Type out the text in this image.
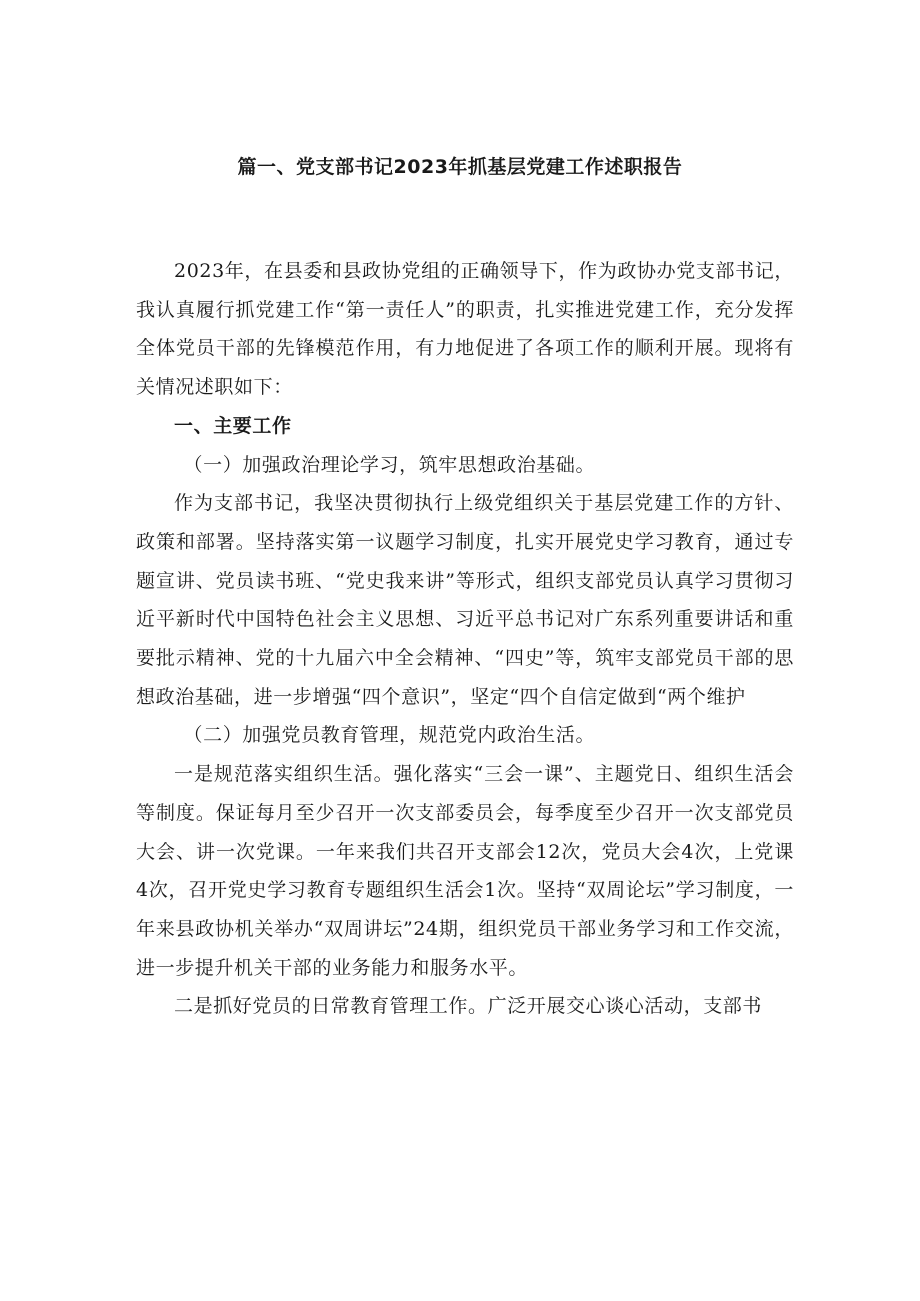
篇一、党支部书记2023年抓基层党建工作述职报告

2023年，在县委和县政协党组的正确领导下，作为政协办党支部书记，我认真履行抓党建工作“第一责任人”的职责，扎实推进党建工作，充分发挥全体党员干部的先锋模范作用，有力地促进了各项工作的顺利开展。现将有关情况述职如下：

一、主要工作

（一）加强政治理论学习，筑牢思想政治基础。

作为支部书记，我坚决贯彻执行上级党组织关于基层党建工作的方针、政策和部署。坚持落实第一议题学习制度，扎实开展党史学习教育，通过专题宣讲、党员读书班、“党史我来讲”等形式，组织支部党员认真学习贯彻习近平新时代中国特色社会主义思想、习近平总书记对广东系列重要讲话和重要批示精神、党的十九届六中全会精神、“四史”等，筑牢支部党员干部的思想政治基础，进一步增强“四个意识”，坚定“四个自信定做到“两个维护

（二）加强党员教育管理，规范党内政治生活。

一是规范落实组织生活。强化落实“三会一课”、主题党日、组织生活会等制度。保证每月至少召开一次支部委员会，每季度至少召开一次支部党员大会、讲一次党课。一年来我们共召开支部会12次，党员大会4次，上党课4次，召开党史学习教育专题组织生活会1次。坚持“双周论坛”学习制度，一年来县政协机关举办“双周讲坛”24期，组织党员干部业务学习和工作交流，进一步提升机关干部的业务能力和服务水平。

二是抓好党员的日常教育管理工作。广泛开展交心谈心活动，支部书
